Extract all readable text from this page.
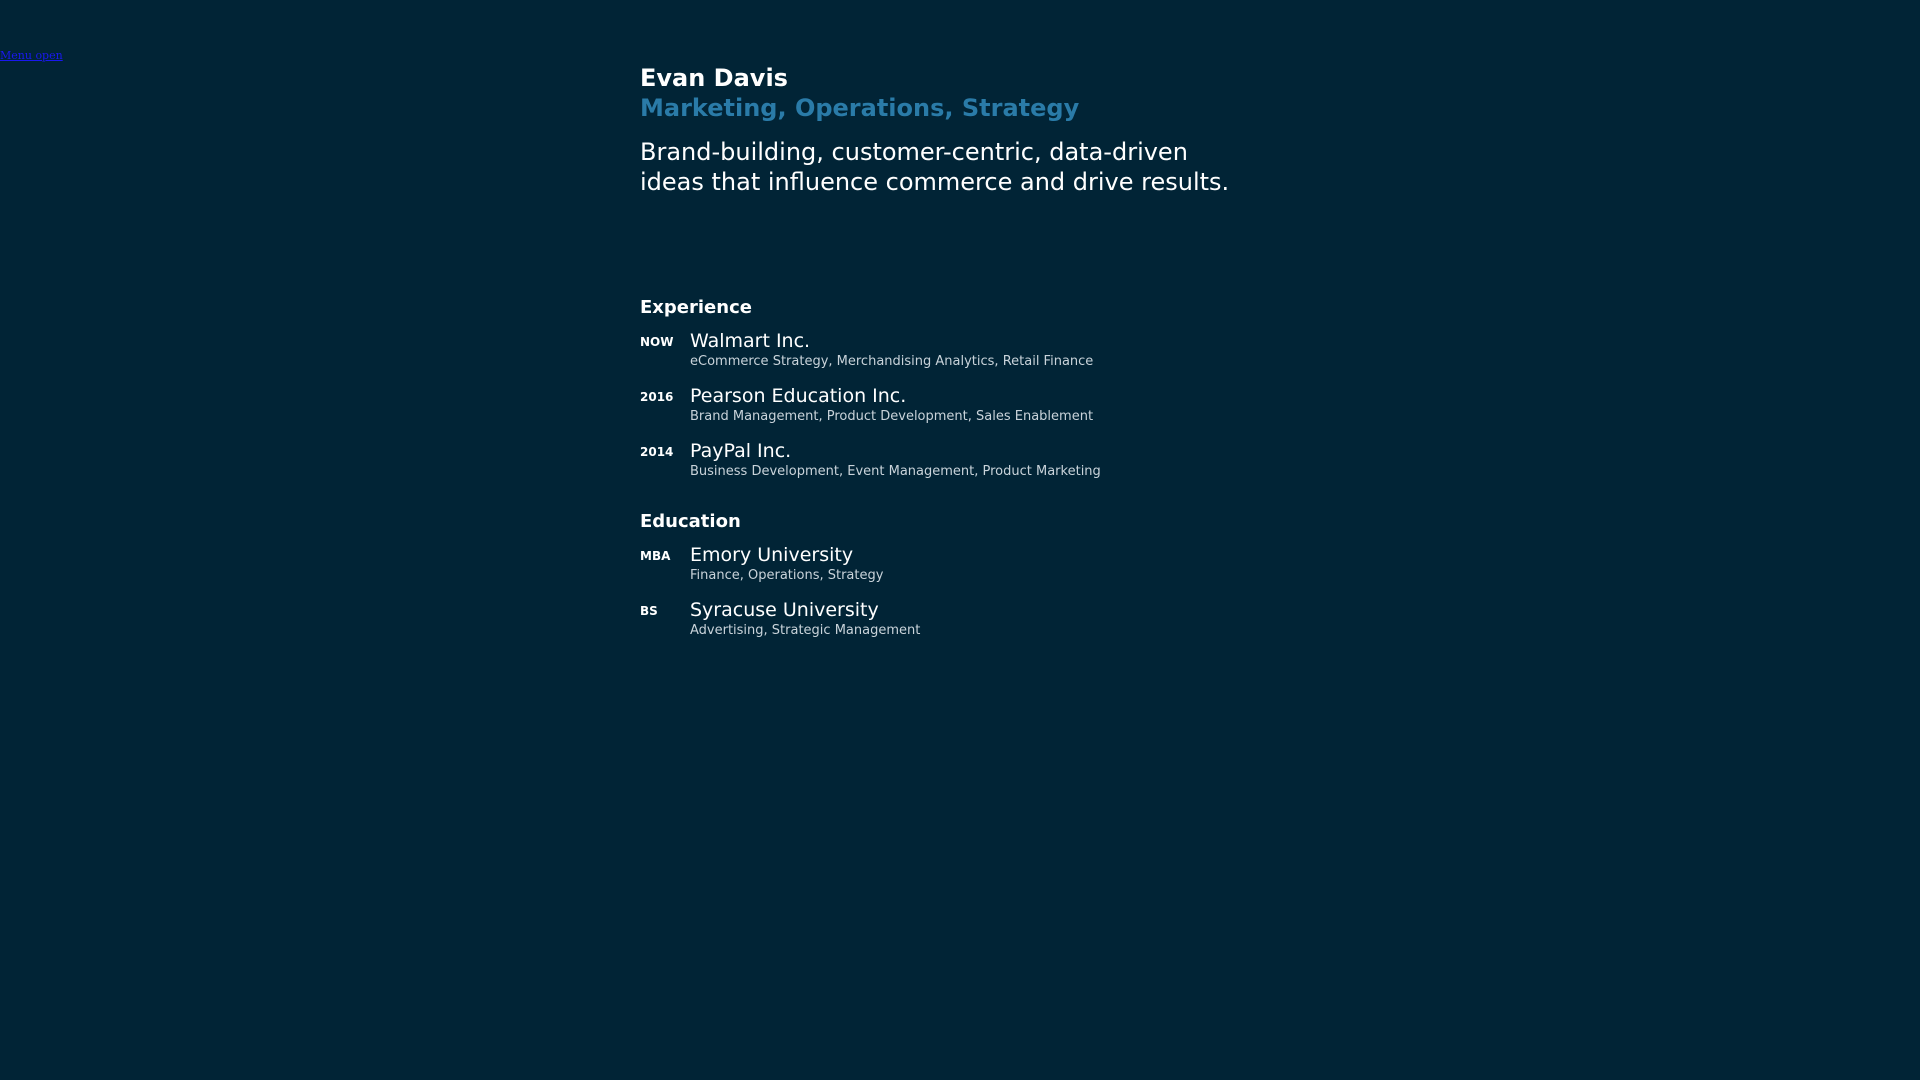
Menu open
Evan Davis
Marketing, Operations, Strategy

Brand-building, customer-centric, data-driven ideas that influence commerce and drive results.

Experience
NOW Walmart Inc.
eCommerce Strategy, Merchandising Analytics, Retail Finance
2016 Pearson Education Inc.
Brand Management, Product Development, Sales Enablement
2014 PayPal Inc.
Business Development, Event Management, Product Marketing
Education
MBA	Emory University
Finance, Operations, Strategy
BS	Syracuse University
Advertising, Strategic Management
